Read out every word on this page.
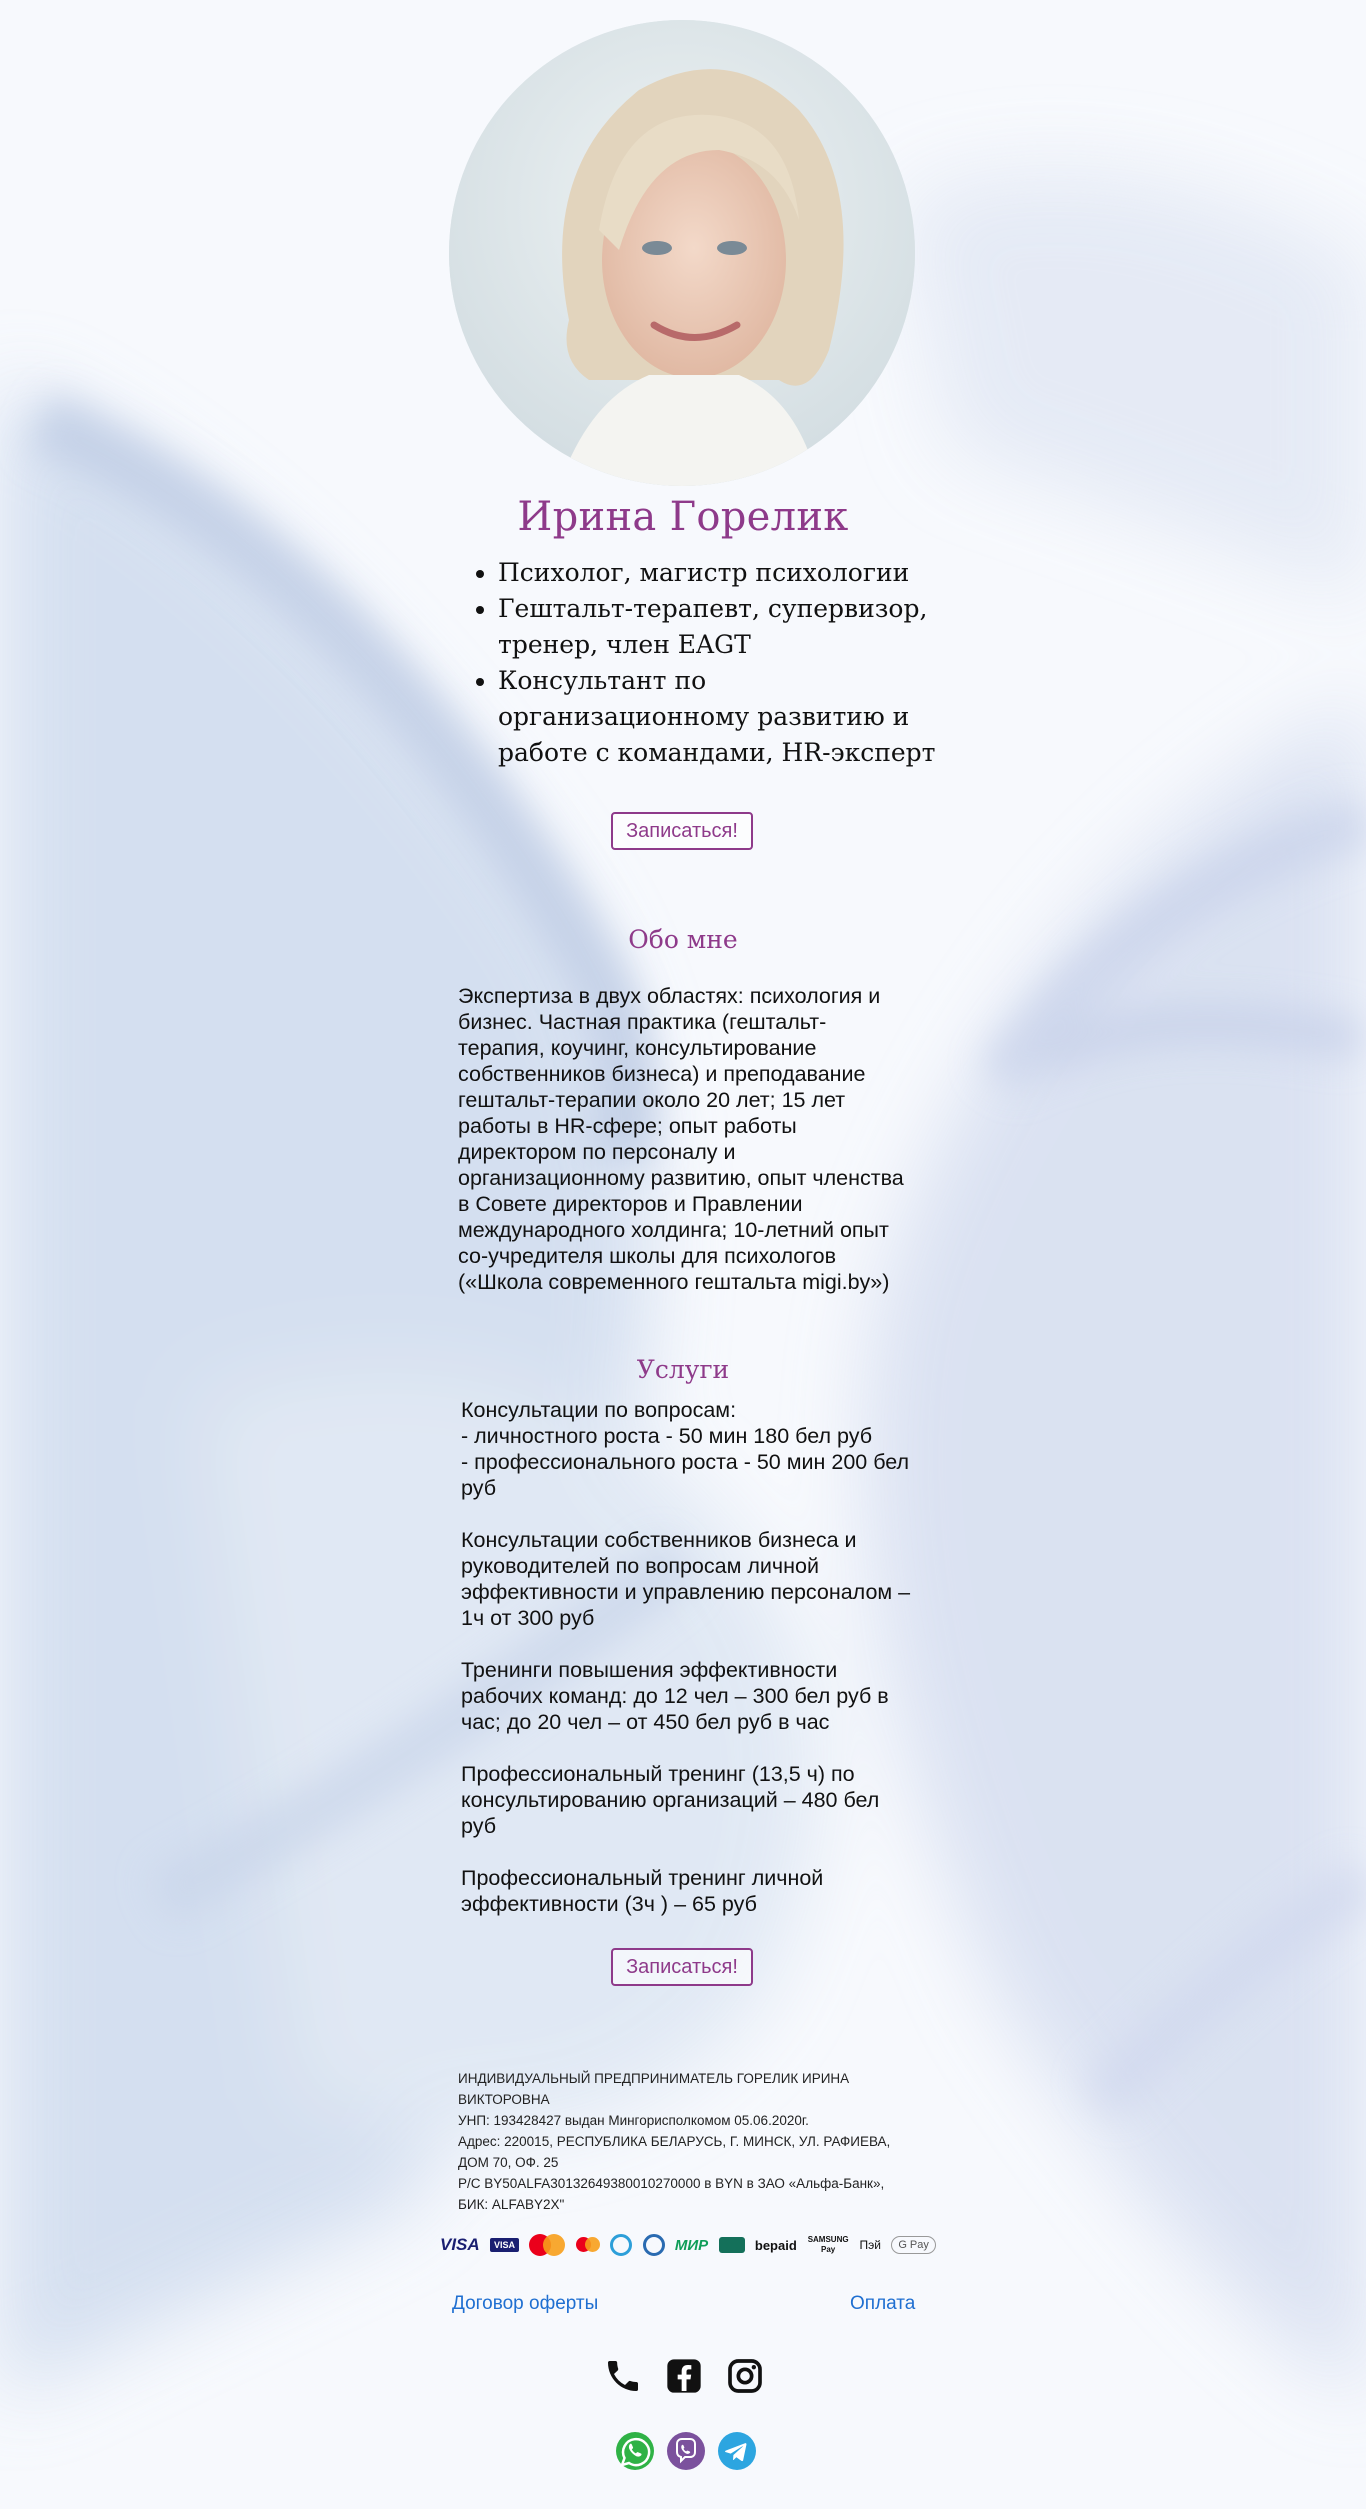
Ирина Горелик
• Психолог, магистр психологии
• Гештальт-терапевт, супервизор, тренер, член EAGT
• Консультант по организационному развитию и работе с командами, HR-эксперт
Записаться!
Обо мне

Экспертиза в двух областях: психология и бизнес. Частная практика (гештальт-терапия, коучинг, консультирование собственников бизнеса) и преподавание гештальт-терапии около 20 лет; 15 лет работы в HR-сфере; опыт работы директором по персоналу и организационному развитию, опыт членства в Совете директоров и Правлении международного холдинга; 10-летний опыт со-учредителя школы для психологов («Школа современного гештальта migi.by»)

Услуги

Консультации по вопросам:
- личностного роста - 50 мин 180 бел руб
- профессионального роста - 50 мин 200 бел руб

Консультации собственников бизнеса и руководителей по вопросам личной эффективности и управлению персоналом – 1ч от 300 руб

Тренинги повышения эффективности рабочих команд: до 12 чел – 300 бел руб в час; до 20 чел – от 450 бел руб в час

Профессиональный тренинг (13,5 ч) по консультированию организаций – 480 бел руб

Профессиональный тренинг личной эффективности (3ч ) – 65 руб

Записаться!
ИНДИВИДУАЛЬНЫЙ ПРЕДПРИНИМАТЕЛЬ ГОРЕЛИК ИРИНА ВИКТОРОВНА
УНП: 193428427 выдан Мингорисполкомом 05.06.2020г.
Адрес: 220015, РЕСПУБЛИКА БЕЛАРУСЬ, Г. МИНСК, УЛ. РАФИЕВА, ДОМ 70, ОФ. 25
Р/С BY50ALFA30132649380010270000 в BYN в ЗАО «Альфа-Банк», БИК: ALFABY2X"
VISA	VISA	МИР	bepaid SAMSUNG Pay	Пэй	G Pay
Договор оферты	Оплата
